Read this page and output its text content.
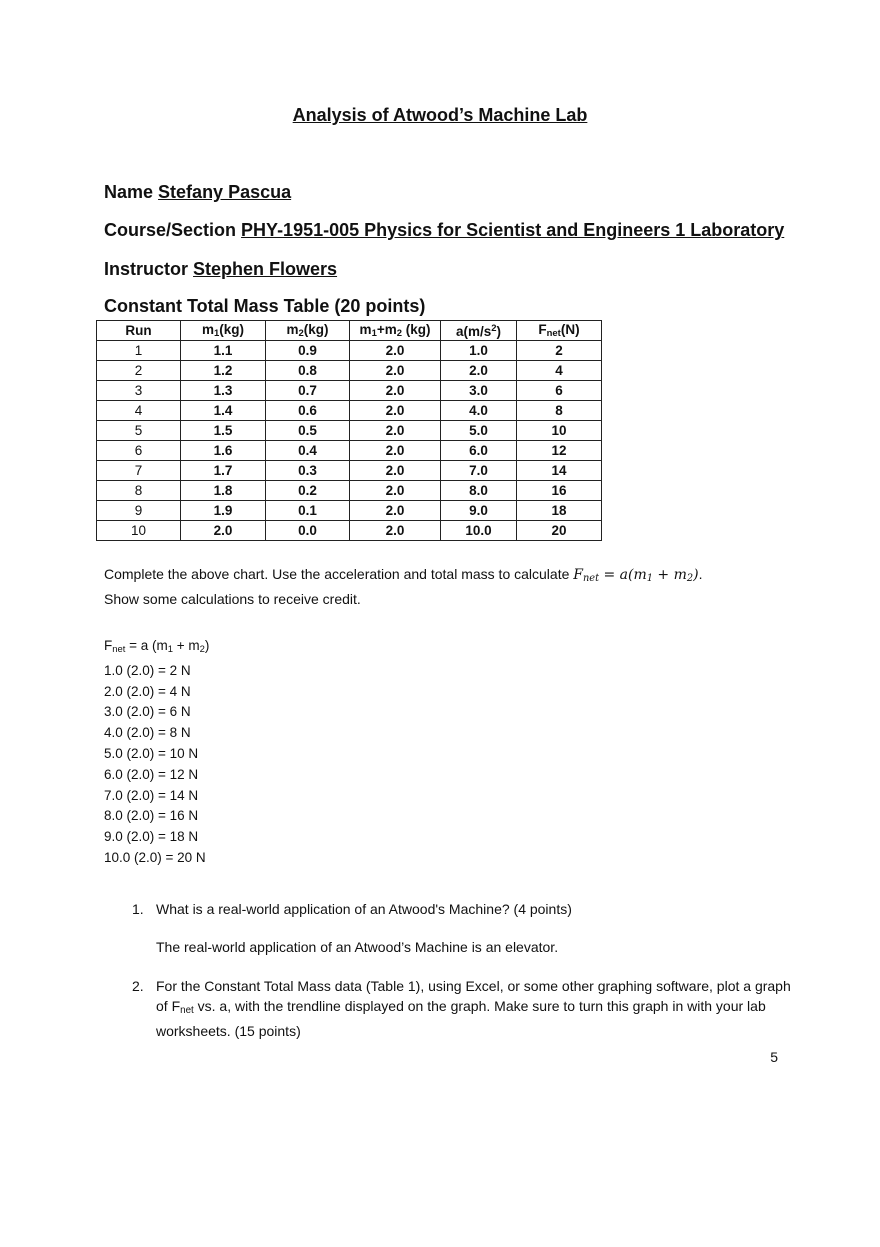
Analysis of Atwood’s Machine Lab
Name Stefany Pascua
Course/Section PHY-1951-005 Physics for Scientist and Engineers 1 Laboratory
Instructor Stephen Flowers
Constant Total Mass Table (20 points)
Run	$m_1(kg)$	$m_2(kg)$	$m_1+m_2$ (kg)	$a(m/s^2)$	$F_{net}(N)$
1	1.1	0.9	2.0	1.0	2
2	1.2	0.8	2.0	2.0	4
3	1.3	0.7	2.0	3.0	6
4	1.4	0.6	2.0	4.0	8
5	1.5	0.5	2.0	5.0	10
6	1.6	0.4	2.0	6.0	12
7	1.7	0.3	2.0	7.0	14
8	1.8	0.2	2.0	8.0	16
9	1.9	0.1	2.0	9.0	18
10	2.0	0.0	2.0	10.0	20
Complete the above chart. Use the acceleration and total mass to calculate $F_{net} = a(m_1 + m_2)$.
Show some calculations to receive credit.
$F_{net} = a$ $(m_1 + m_2)$
1.0 (2.0) = 2 N
2.0 (2.0) = 4 N
3.0 (2.0) = 6 N
4.0 (2.0) = 8 N
5.0 (2.0) = 10 N
6.0 (2.0) = 12 N
7.0 (2.0) = 14 N
8.0 (2.0) = 16 N
9.0 (2.0) = 18 N
10.0 (2.0) = 20 N
1. What is a real-world application of an Atwood's Machine? (4 points)
The real-world application of an Atwood’s Machine is an elevator.
2. For the Constant Total Mass data (Table 1), using Excel, or some other graphing software, plot a graph of $F_{net}$ vs. a, with the trendline displayed on the graph. Make sure to turn this graph in with your lab worksheets. (15 points)
5
